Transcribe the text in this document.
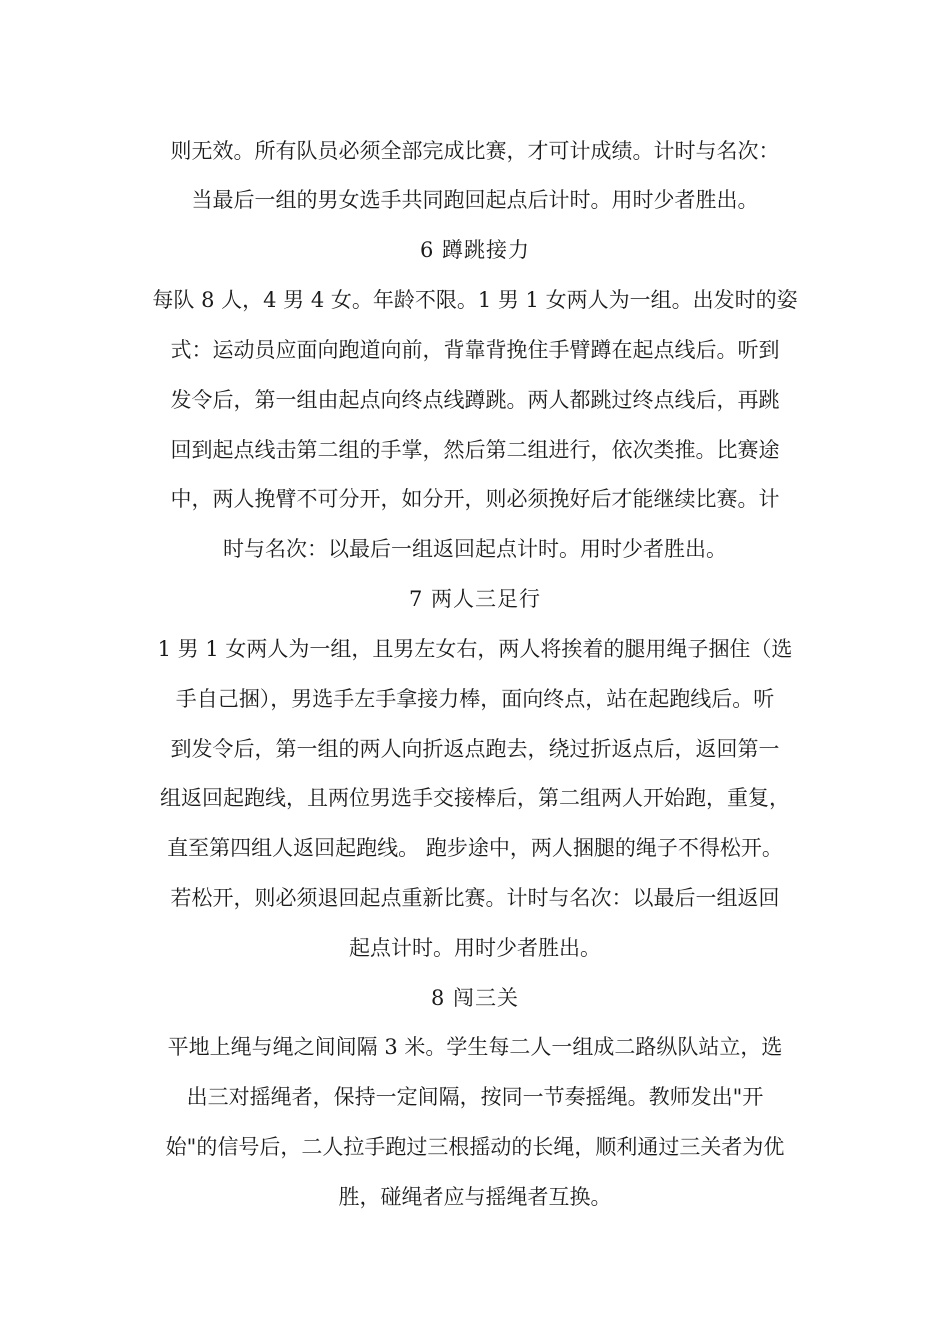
则无效。所有队员必须全部完成比赛，才可计成绩。计时与名次：
当最后一组的男女选手共同跑回起点后计时。用时少者胜出。
6 蹲跳接力
每队 8 人，4 男 4 女。年龄不限。1 男 1 女两人为一组。出发时的姿
式：运动员应面向跑道向前，背靠背挽住手臂蹲在起点线后。听到
发令后，第一组由起点向终点线蹲跳。两人都跳过终点线后，再跳
回到起点线击第二组的手掌，然后第二组进行，依次类推。比赛途
中，两人挽臂不可分开，如分开，则必须挽好后才能继续比赛。计
时与名次：以最后一组返回起点计时。用时少者胜出。
7 两人三足行
1 男 1 女两人为一组，且男左女右，两人将挨着的腿用绳子捆住（选
手自己捆），男选手左手拿接力棒，面向终点，站在起跑线后。听
到发令后，第一组的两人向折返点跑去，绕过折返点后，返回第一
组返回起跑线，且两位男选手交接棒后，第二组两人开始跑，重复，
直至第四组人返回起跑线。 跑步途中，两人捆腿的绳子不得松开。
若松开，则必须退回起点重新比赛。计时与名次：以最后一组返回
起点计时。用时少者胜出。
8 闯三关
平地上绳与绳之间间隔 3 米。学生每二人一组成二路纵队站立，选
出三对摇绳者，保持一定间隔，按同一节奏摇绳。教师发出"开
始"的信号后，二人拉手跑过三根摇动的长绳，顺利通过三关者为优
胜，碰绳者应与摇绳者互换。
